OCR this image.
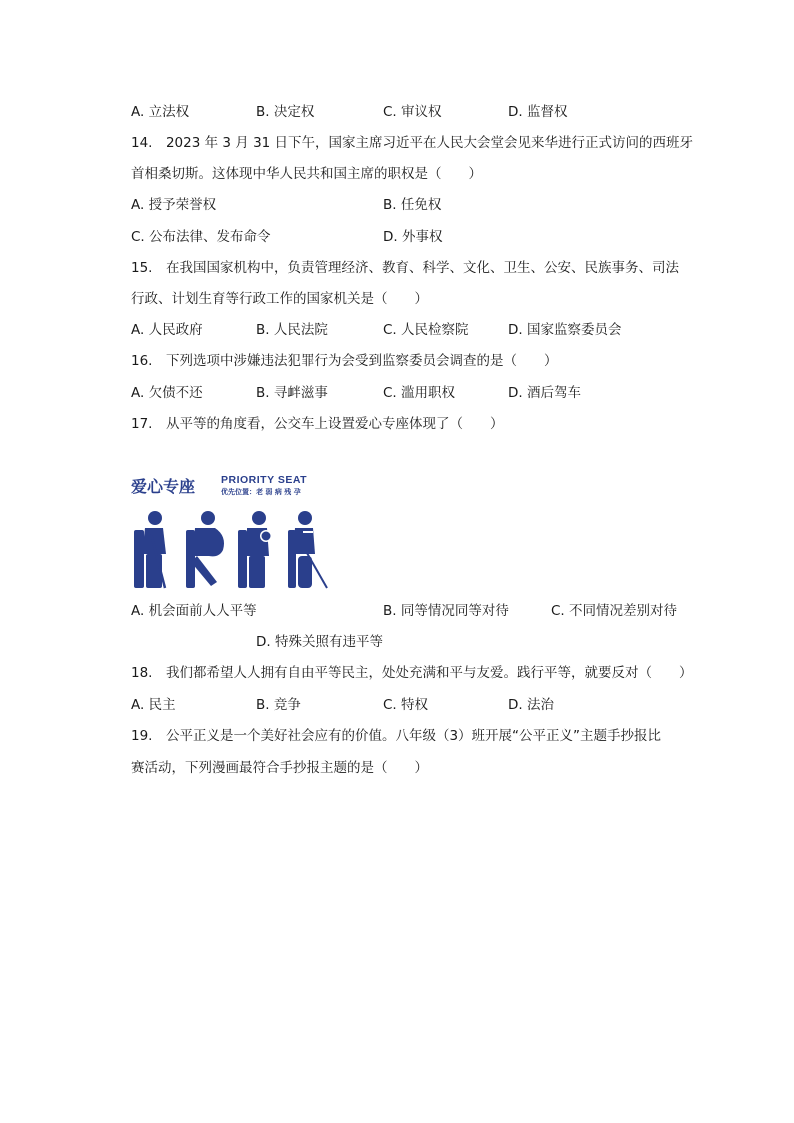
A. 立法权	B. 决定权	C. 审议权	D. 监督权
14.　2023 年 3 月 31 日下午，国家主席习近平在人民大会堂会见来华进行正式访问的西班牙
首相桑切斯。这体现中华人民共和国主席的职权是（　　）
A. 授予荣誉权	B. 任免权
C. 公布法律、发布命令	D. 外事权
15.　在我国国家机构中，负责管理经济、教育、科学、文化、卫生、公安、民族事务、司法
行政、计划生育等行政工作的国家机关是（　　）
A. 人民政府	B. 人民法院	C. 人民检察院	D. 国家监察委员会
16.　下列选项中涉嫌违法犯罪行为会受到监察委员会调查的是（　　）
A. 欠债不还	B. 寻衅滋事	C. 滥用职权	D. 酒后驾车
17.　从平等的角度看，公交车上设置爱心专座体现了（　　）
爱心专座 PRIORITY SEAT
优先位置：老 弱 病 残 孕
A. 机会面前人人平等	B. 同等情况同等对待	C. 不同情况差别对待
D. 特殊关照有违平等
18.　我们都希望人人拥有自由平等民主，处处充满和平与友爱。践行平等，就要反对（　　）
A. 民主	B. 竞争	C. 特权	D. 法治
19.　公平正义是一个美好社会应有的价值。八年级（3）班开展“公平正义”主题手抄报比
赛活动，下列漫画最符合手抄报主题的是（　　）
